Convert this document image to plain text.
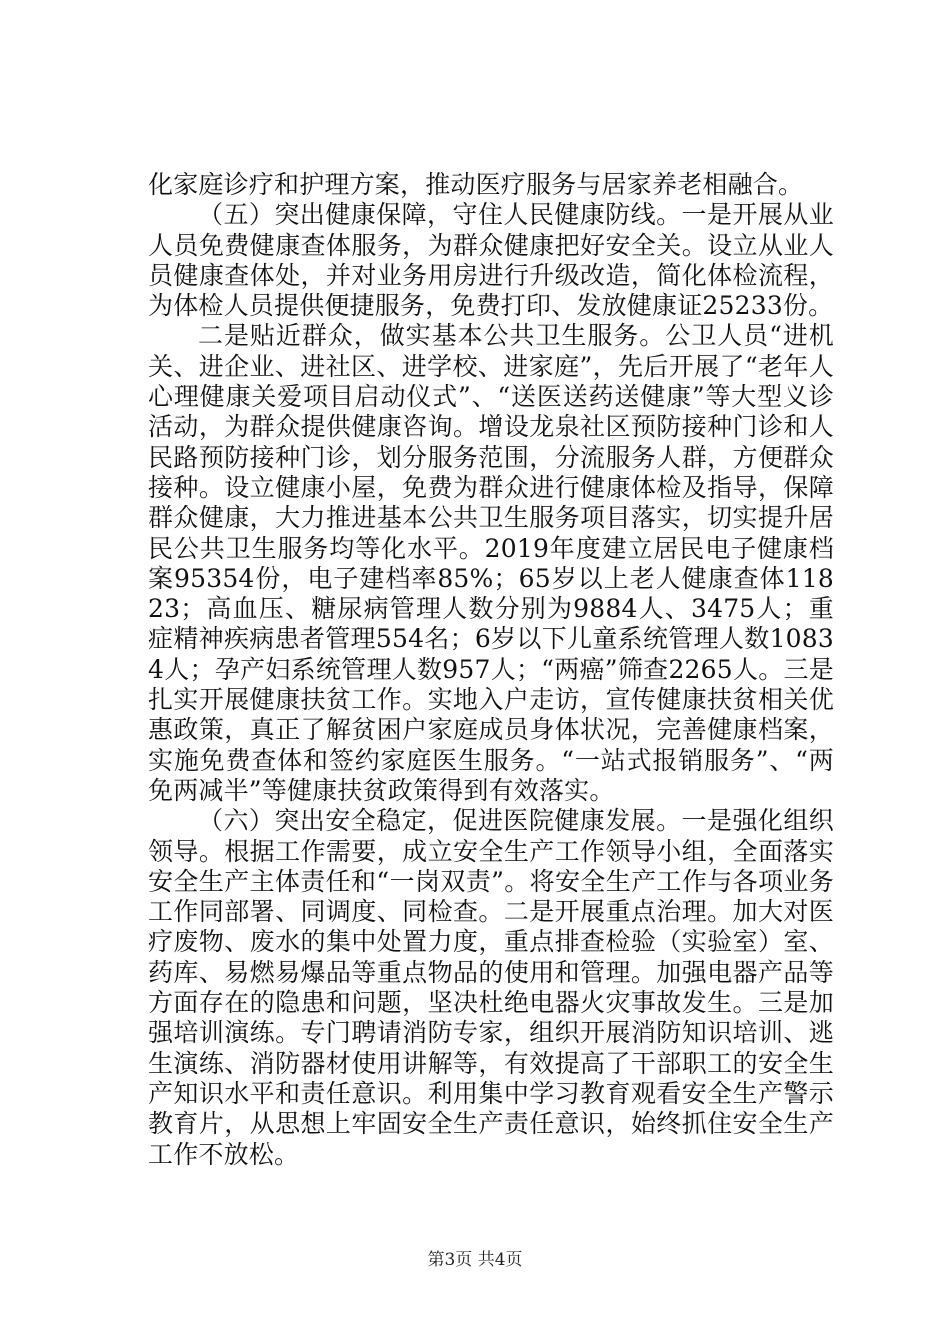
化家庭诊疗和护理方案，推动医疗服务与居家养老相融合。

（五）突出健康保障，守住人民健康防线。一是开展从业人员免费健康查体服务，为群众健康把好安全关。设立从业人员健康查体处，并对业务用房进行升级改造，简化体检流程，为体检人员提供便捷服务，免费打印、发放健康证25233份。

二是贴近群众，做实基本公共卫生服务。公卫人员“进机关、进企业、进社区、进学校、进家庭”，先后开展了“老年人心理健康关爱项目启动仪式”、“送医送药送健康”等大型义诊活动，为群众提供健康咨询。增设龙泉社区预防接种门诊和人民路预防接种门诊，划分服务范围，分流服务人群，方便群众接种。设立健康小屋，免费为群众进行健康体检及指导，保障群众健康，大力推进基本公共卫生服务项目落实，切实提升居民公共卫生服务均等化水平。2019年度建立居民电子健康档案95354份，电子建档率85%；65岁以上老人健康查体11823；高血压、糖尿病管理人数分别为9884人、3475人；重症精神疾病患者管理554名；6岁以下儿童系统管理人数10834人；孕产妇系统管理人数957人；“两癌”筛查2265人。三是扎实开展健康扶贫工作。实地入户走访，宣传健康扶贫相关优惠政策，真正了解贫困户家庭成员身体状况，完善健康档案，实施免费查体和签约家庭医生服务。“一站式报销服务”、“两免两减半”等健康扶贫政策得到有效落实。

（六）突出安全稳定，促进医院健康发展。一是强化组织领导。根据工作需要，成立安全生产工作领导小组，全面落实安全生产主体责任和“一岗双责”。将安全生产工作与各项业务工作同部署、同调度、同检查。二是开展重点治理。加大对医疗废物、废水的集中处置力度，重点排查检验（实验室）室、药库、易燃易爆品等重点物品的使用和管理。加强电器产品等方面存在的隐患和问题，坚决杜绝电器火灾事故发生。三是加强培训演练。专门聘请消防专家，组织开展消防知识培训、逃生演练、消防器材使用讲解等，有效提高了干部职工的安全生产知识水平和责任意识。利用集中学习教育观看安全生产警示教育片，从思想上牢固安全生产责任意识，始终抓住安全生产工作不放松。

第3页 共4页
